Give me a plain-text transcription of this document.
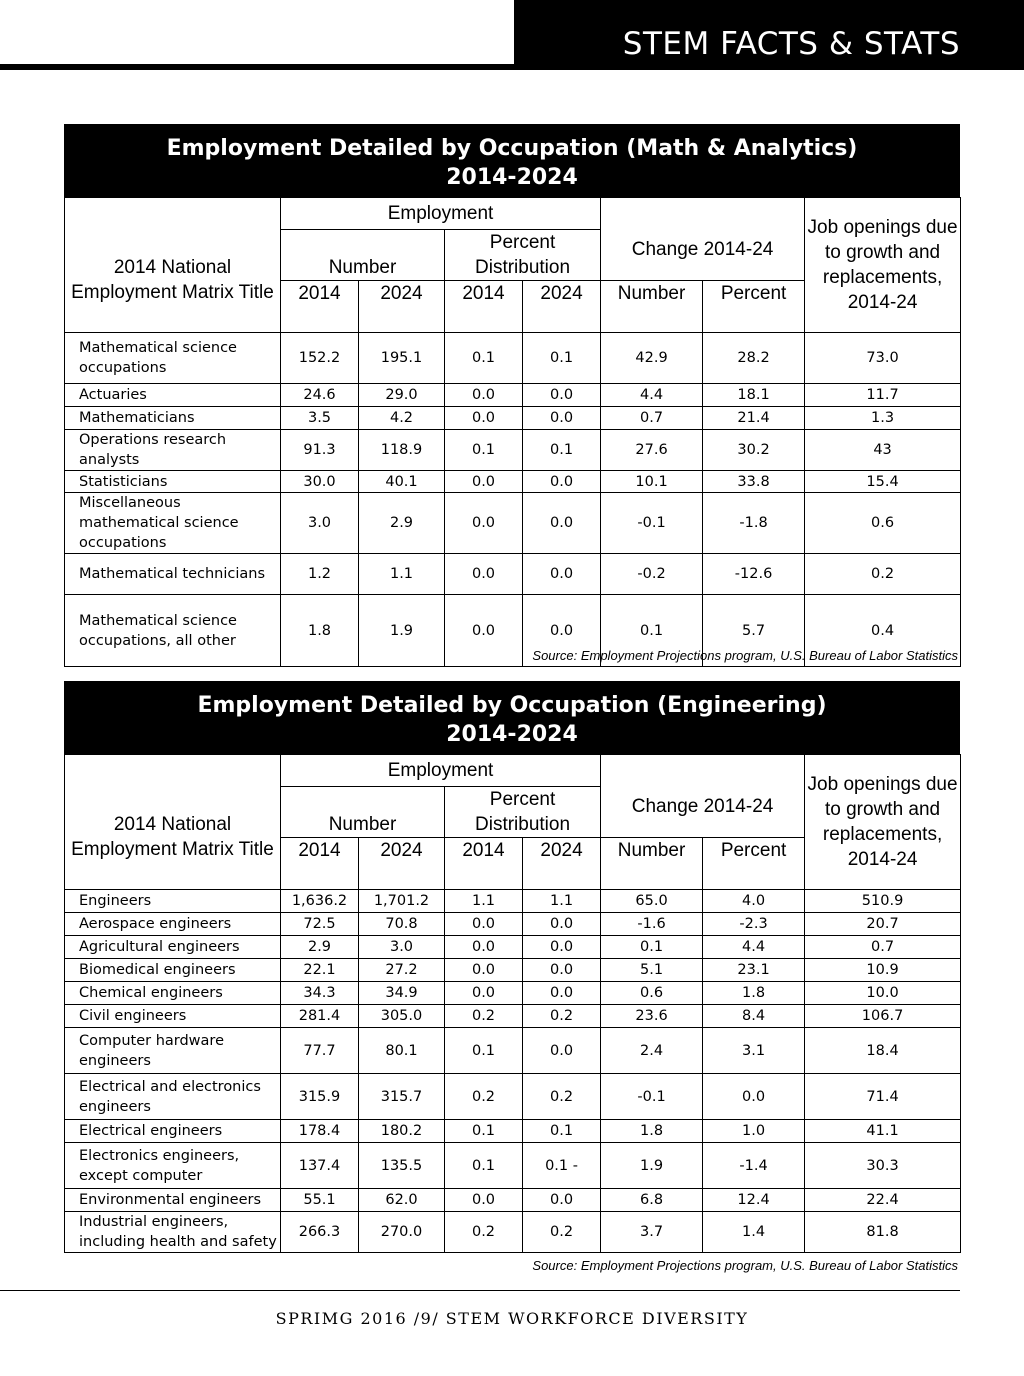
STEM FACTS & STATS
Employment Detailed by Occupation (Math & Analytics)
2014-2024
2014 National Employment Matrix Title	Employment				Change 2014-24		Job openings due to growth and replacements, 2014-24
	Number		Percent Distribution				
	2014	2024	2014	2024	Number	Percent	
Mathematical science occupations	152.2	195.1	0.1	0.1	42.9	28.2	73.0
Actuaries	24.6	29.0	0.0	0.0	4.4	18.1	11.7
Mathematicians	3.5	4.2	0.0	0.0	0.7	21.4	1.3
Operations research analysts	91.3	118.9	0.1	0.1	27.6	30.2	43
Statisticians	30.0	40.1	0.0	0.0	10.1	33.8	15.4
Miscellaneous mathematical science occupations	3.0	2.9	0.0	0.0	-0.1	-1.8	0.6
Mathematical technicians	1.2	1.1	0.0	0.0	-0.2	-12.6	0.2
Mathematical science occupations, all other	1.8	1.9	0.0	0.0	0.1	5.7	0.4
Source: Employment Projections program, U.S. Bureau of Labor Statistics
Employment Detailed by Occupation (Engineering)
2014-2024
2014 National Employment Matrix Title	Employment				Change 2014-24		Job openings due to growth and replacements, 2014-24
	Number		Percent Distribution				
	2014	2024	2014	2024	Number	Percent	
Engineers	1,636.2	1,701.2	1.1	1.1	65.0	4.0	510.9
Aerospace engineers	72.5	70.8	0.0	0.0	-1.6	-2.3	20.7
Agricultural engineers	2.9	3.0	0.0	0.0	0.1	4.4	0.7
Biomedical engineers	22.1	27.2	0.0	0.0	5.1	23.1	10.9
Chemical engineers	34.3	34.9	0.0	0.0	0.6	1.8	10.0
Civil engineers	281.4	305.0	0.2	0.2	23.6	8.4	106.7
Computer hardware engineers	77.7	80.1	0.1	0.0	2.4	3.1	18.4
Electrical and electronics engineers	315.9	315.7	0.2	0.2	-0.1	0.0	71.4
Electrical engineers	178.4	180.2	0.1	0.1	1.8	1.0	41.1
Electronics engineers, except computer	137.4	135.5	0.1	0.1 -	1.9	-1.4	30.3
Environmental engineers	55.1	62.0	0.0	0.0	6.8	12.4	22.4
Industrial engineers, including health and safety	266.3	270.0	0.2	0.2	3.7	1.4	81.8
Source: Employment Projections program, U.S. Bureau of Labor Statistics
SPRIMG 2016 /9/ STEM WORKFORCE DIVERSITY
